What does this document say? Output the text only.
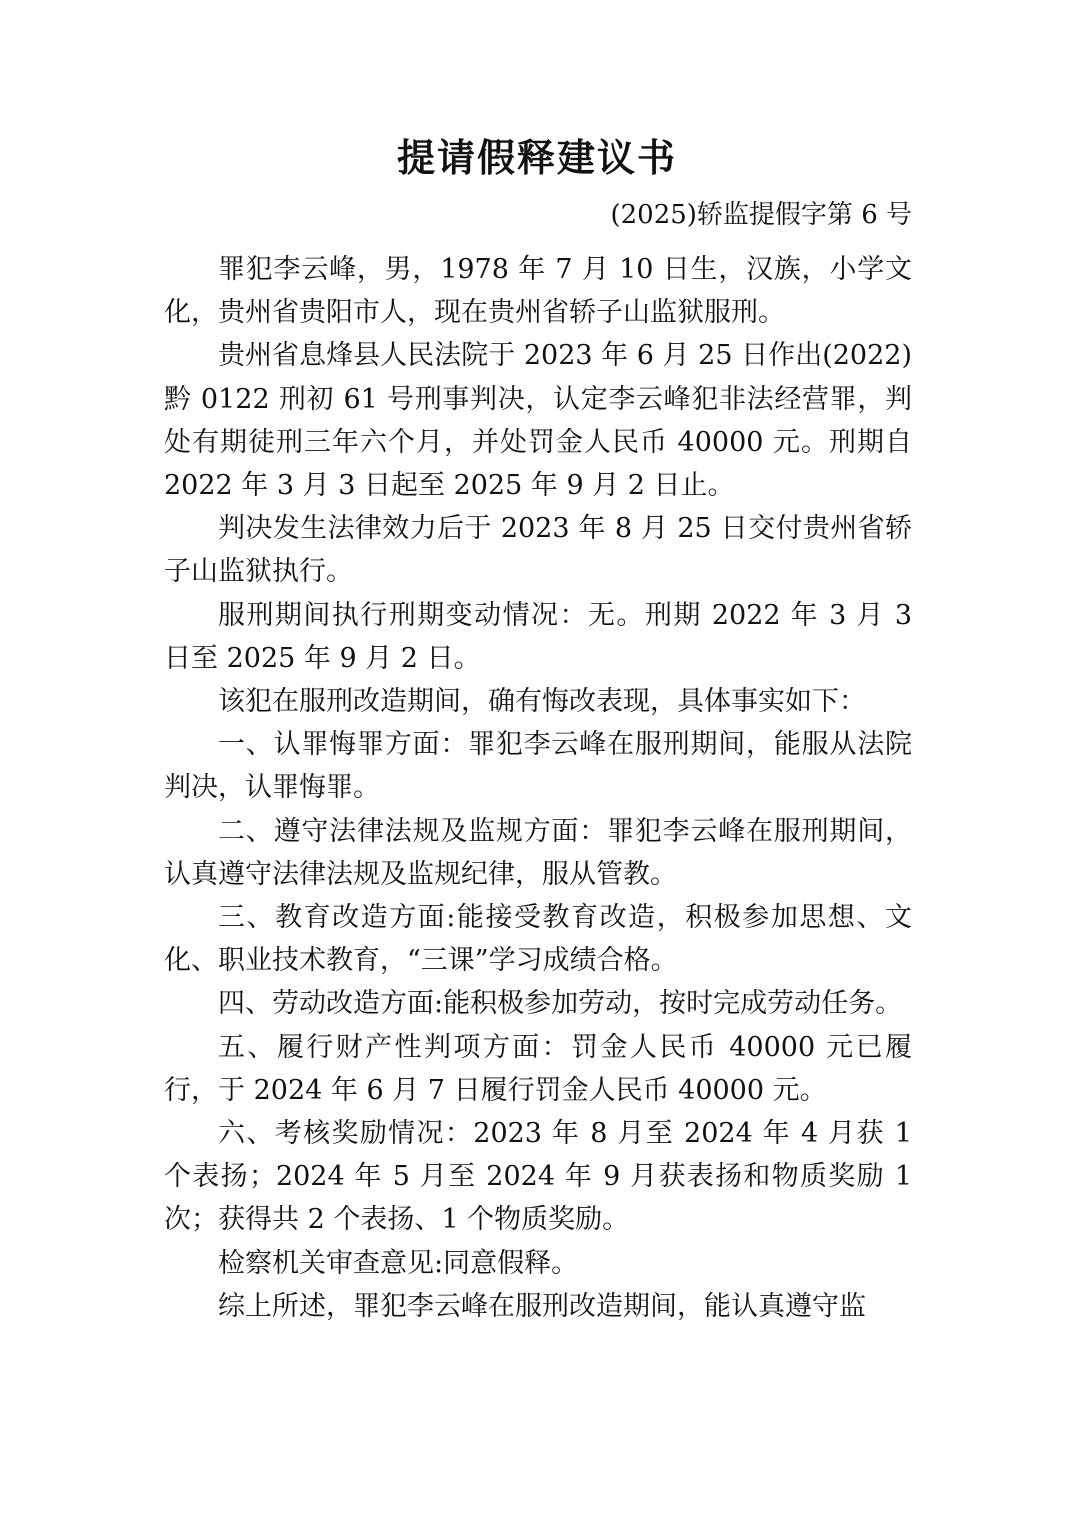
提请假释建议书
(2025)轿监提假字第 6 号

罪犯李云峰，男，1978 年 7 月 10 日生，汉族，小学文化，贵州省贵阳市人，现在贵州省轿子山监狱服刑。

贵州省息烽县人民法院于 2023 年 6 月 25 日作出(2022)黔 0122 刑初 61 号刑事判决，认定李云峰犯非法经营罪，判处有期徒刑三年六个月，并处罚金人民币 40000 元。刑期自 2022 年 3 月 3 日起至 2025 年 9 月 2 日止。

判决发生法律效力后于 2023 年 8 月 25 日交付贵州省轿子山监狱执行。

服刑期间执行刑期变动情况：无。刑期 2022 年 3 月 3 日至 2025 年 9 月 2 日。

该犯在服刑改造期间，确有悔改表现，具体事实如下：

一、认罪悔罪方面：罪犯李云峰在服刑期间，能服从法院判决，认罪悔罪。

二、遵守法律法规及监规方面：罪犯李云峰在服刑期间，认真遵守法律法规及监规纪律，服从管教。

三、教育改造方面:能接受教育改造，积极参加思想、文化、职业技术教育，“三课”学习成绩合格。

四、劳动改造方面:能积极参加劳动，按时完成劳动任务。

五、履行财产性判项方面：罚金人民币 40000 元已履行，于 2024 年 6 月 7 日履行罚金人民币 40000 元。

六、考核奖励情况：2023 年 8 月至 2024 年 4 月获 1 个表扬；2024 年 5 月至 2024 年 9 月获表扬和物质奖励 1 次；获得共 2 个表扬、1 个物质奖励。

检察机关审查意见:同意假释。

综上所述，罪犯李云峰在服刑改造期间，能认真遵守监
